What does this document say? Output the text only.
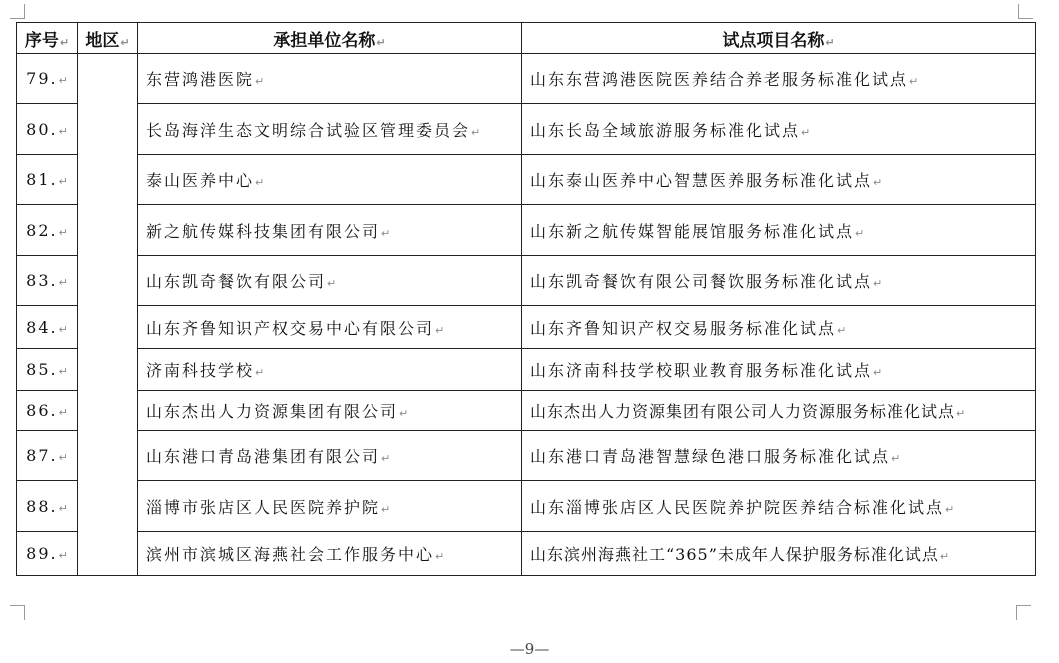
序号↵	地区↵	承担单位名称↵	试点项目名称↵
79.↵		东营鸿港医院↵	山东东营鸿港医院医养结合养老服务标准化试点↵
80.↵		长岛海洋生态文明综合试验区管理委员会↵	山东长岛全域旅游服务标准化试点↵
81.↵		泰山医养中心↵	山东泰山医养中心智慧医养服务标准化试点↵
82.↵		新之航传媒科技集团有限公司↵	山东新之航传媒智能展馆服务标准化试点↵
83.↵		山东凯奇餐饮有限公司↵	山东凯奇餐饮有限公司餐饮服务标准化试点↵
84.↵		山东齐鲁知识产权交易中心有限公司↵	山东齐鲁知识产权交易服务标准化试点↵
85.↵		济南科技学校↵	山东济南科技学校职业教育服务标准化试点↵
86.↵		山东杰出人力资源集团有限公司↵	山东杰出人力资源集团有限公司人力资源服务标准化试点↵
87.↵		山东港口青岛港集团有限公司↵	山东港口青岛港智慧绿色港口服务标准化试点↵
88.↵		淄博市张店区人民医院养护院↵	山东淄博张店区人民医院养护院医养结合标准化试点↵
89.↵		滨州市滨城区海燕社会工作服务中心↵	山东滨州海燕社工“365”未成年人保护服务标准化试点↵
—9—
